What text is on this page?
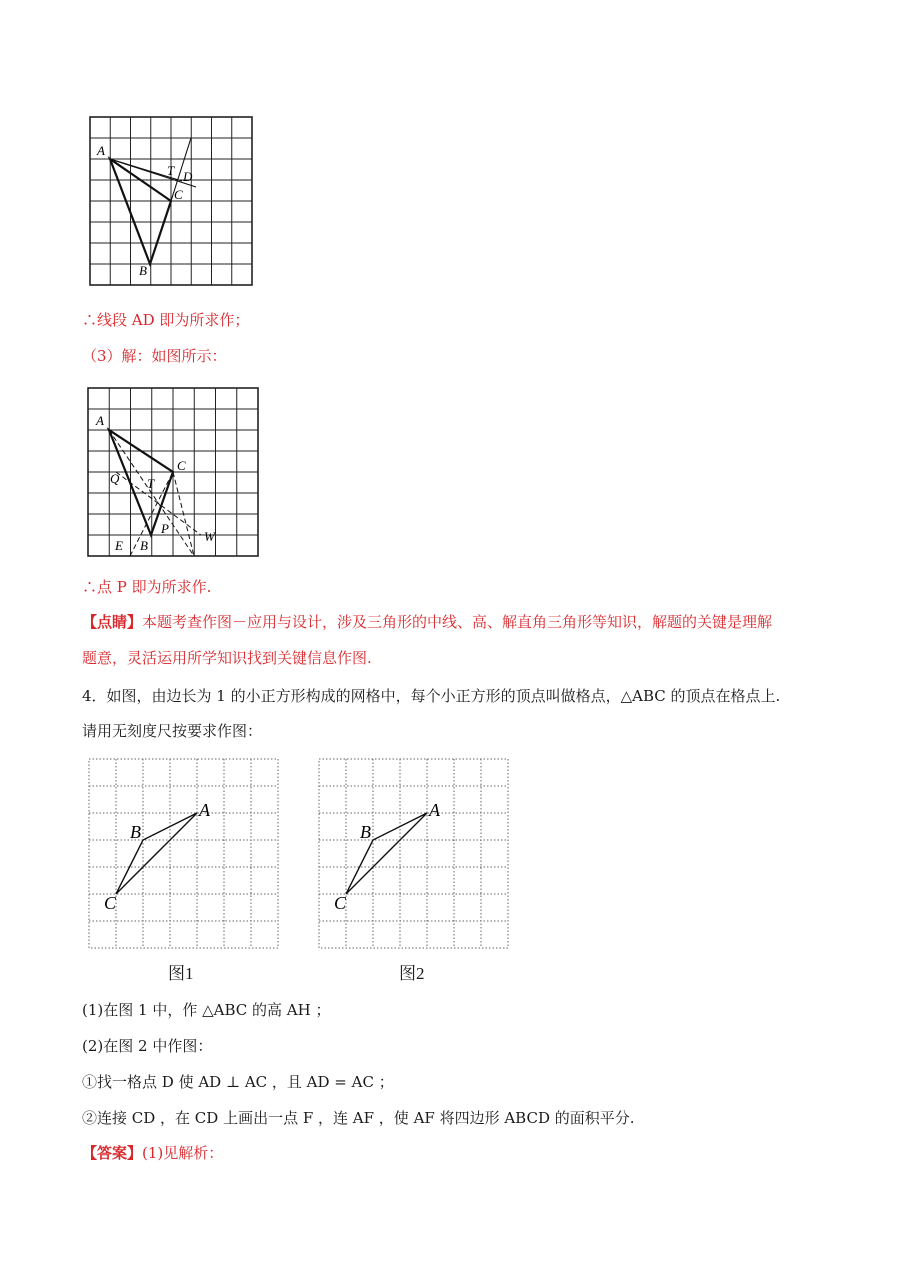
A
B
C
D
T
∴线段 AD 即为所求作；
（3）解：如图所示：
A
C
Q T
P
E B
W
∴点 P 即为所求作.
【点睛】本题考查作图－应用与设计，涉及三角形的中线、高、解直角三角形等知识，解题的关键是理解
题意，灵活运用所学知识找到关键信息作图.
4．如图，由边长为 1 的小正方形构成的网格中，每个小正方形的顶点叫做格点，△ABC 的顶点在格点上.
请用无刻度尺按要求作图：
A
B
C
图1
A
B
C
图2
(1)在图 1 中，作 △ABC 的高 AH ；
(2)在图 2 中作图：
①找一格点 D 使 AD ⊥ AC ，且 AD = AC ；
②连接 CD ，在 CD 上画出一点 F ，连 AF ，使 AF 将四边形 ABCD 的面积平分.
【答案】(1)见解析：
